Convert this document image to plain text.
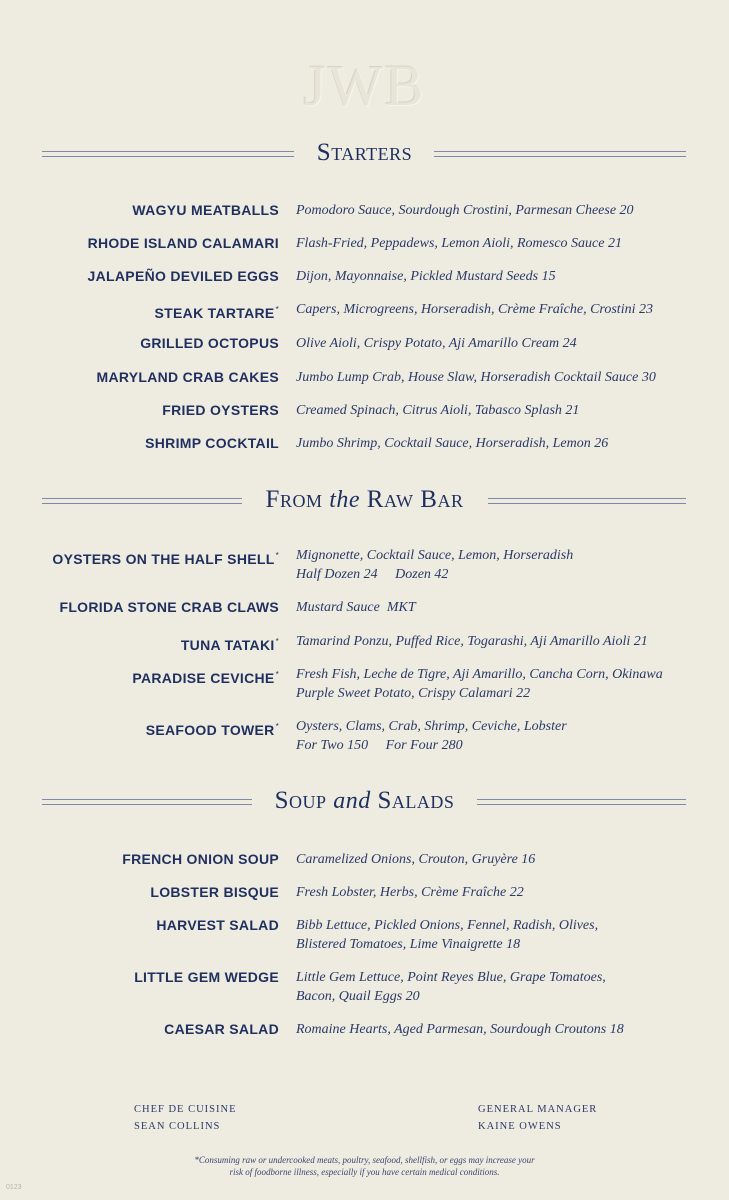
JWB
Starters
WAGYU MEATBALLS Pomodoro Sauce, Sourdough Crostini, Parmesan Cheese 20
RHODE ISLAND CALAMARI Flash-Fried, Peppadews, Lemon Aioli, Romesco Sauce 21
JALAPEÑO DEVILED EGGS Dijon, Mayonnaise, Pickled Mustard Seeds 15
STEAK TARTARE* Capers, Microgreens, Horseradish, Crème Fraîche, Crostini 23
GRILLED OCTOPUS Olive Aioli, Crispy Potato, Aji Amarillo Cream 24
MARYLAND CRAB CAKES Jumbo Lump Crab, House Slaw, Horseradish Cocktail Sauce 30
FRIED OYSTERS Creamed Spinach, Citrus Aioli, Tabasco Splash 21
SHRIMP COCKTAIL Jumbo Shrimp, Cocktail Sauce, Horseradish, Lemon 26
From the Raw Bar
OYSTERS ON THE HALF SHELL* Mignonette, Cocktail Sauce, Lemon, Horseradish
Half Dozen 24     Dozen 42
FLORIDA STONE CRAB CLAWS Mustard Sauce  MKT
TUNA TATAKI* Tamarind Ponzu, Puffed Rice, Togarashi, Aji Amarillo Aioli 21
PARADISE CEVICHE* Fresh Fish, Leche de Tigre, Aji Amarillo, Cancha Corn, Okinawa
Purple Sweet Potato, Crispy Calamari 22
SEAFOOD TOWER* Oysters, Clams, Crab, Shrimp, Ceviche, Lobster
For Two 150     For Four 280
Soup and Salads
FRENCH ONION SOUP Caramelized Onions, Crouton, Gruyère 16
LOBSTER BISQUE Fresh Lobster, Herbs, Crème Fraîche 22
HARVEST SALAD Bibb Lettuce, Pickled Onions, Fennel, Radish, Olives,
Blistered Tomatoes, Lime Vinaigrette 18
LITTLE GEM WEDGE Little Gem Lettuce, Point Reyes Blue, Grape Tomatoes,
Bacon, Quail Eggs 20
CAESAR SALAD Romaine Hearts, Aged Parmesan, Sourdough Croutons 18
CHEF DE CUISINE
SEAN COLLINS
GENERAL MANAGER
KAINE OWENS
*Consuming raw or undercooked meats, poultry, seafood, shellfish, or eggs may increase your
risk of foodborne illness, especially if you have certain medical conditions.
0123
